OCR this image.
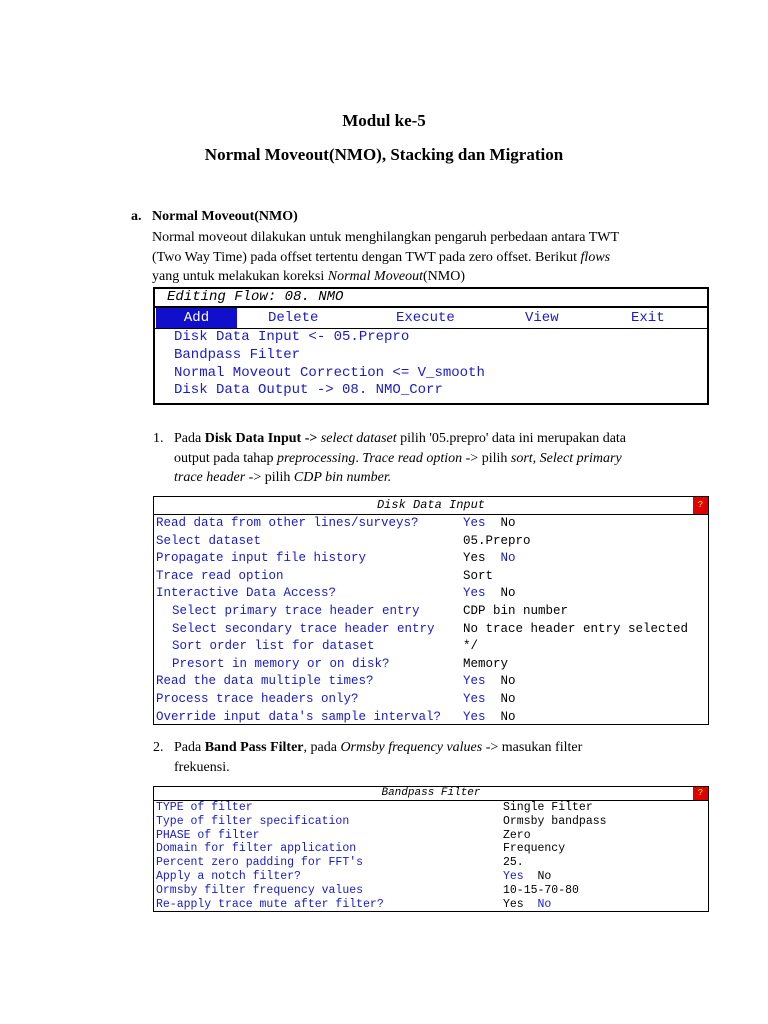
Modul ke-5
Normal Moveout(NMO), Stacking dan Migration
a. Normal Moveout(NMO)
Normal moveout dilakukan untuk menghilangkan pengaruh perbedaan antara TWT
(Two Way Time) pada offset tertentu dengan TWT pada zero offset. Berikut flows
yang untuk melakukan koreksi Normal Moveout(NMO)
Editing Flow: 08. NMO
Add	Delete	Execute	View	Exit
Disk Data Input <- 05.Prepro
Bandpass Filter
Normal Moveout Correction <= V_smooth
Disk Data Output -> 08. NMO_Corr
1. Pada Disk Data Input -> select dataset pilih '05.prepro' data ini merupakan data
output pada tahap preprocessing. Trace read option -> pilih sort, Select primary
trace header -> pilih CDP bin number.
Disk Data Input	?
Read data from other lines/surveys?	Yes No
Select dataset	05.Prepro
Propagate input file history	Yes No
Trace read option	Sort
Interactive Data Access?	Yes No
Select primary trace header entry	CDP bin number
Select secondary trace header entry No trace header entry selected
Sort order list for dataset	*/
Presort in memory or on disk?	Memory
Read the data multiple times?	Yes No
Process trace headers only?	Yes No
Override input data's sample interval? Yes No
2. Pada Band Pass Filter, pada Ormsby frequency values -> masukan filter
frekuensi.
Bandpass Filter	?
TYPE of filter	Single Filter
Type of filter specification	Ormsby bandpass
PHASE of filter	Zero
Domain for filter application	Frequency
Percent zero padding for FFT's	25.
Apply a notch filter?	Yes No
Ormsby filter frequency values	10-15-70-80
Re-apply trace mute after filter?	Yes No
